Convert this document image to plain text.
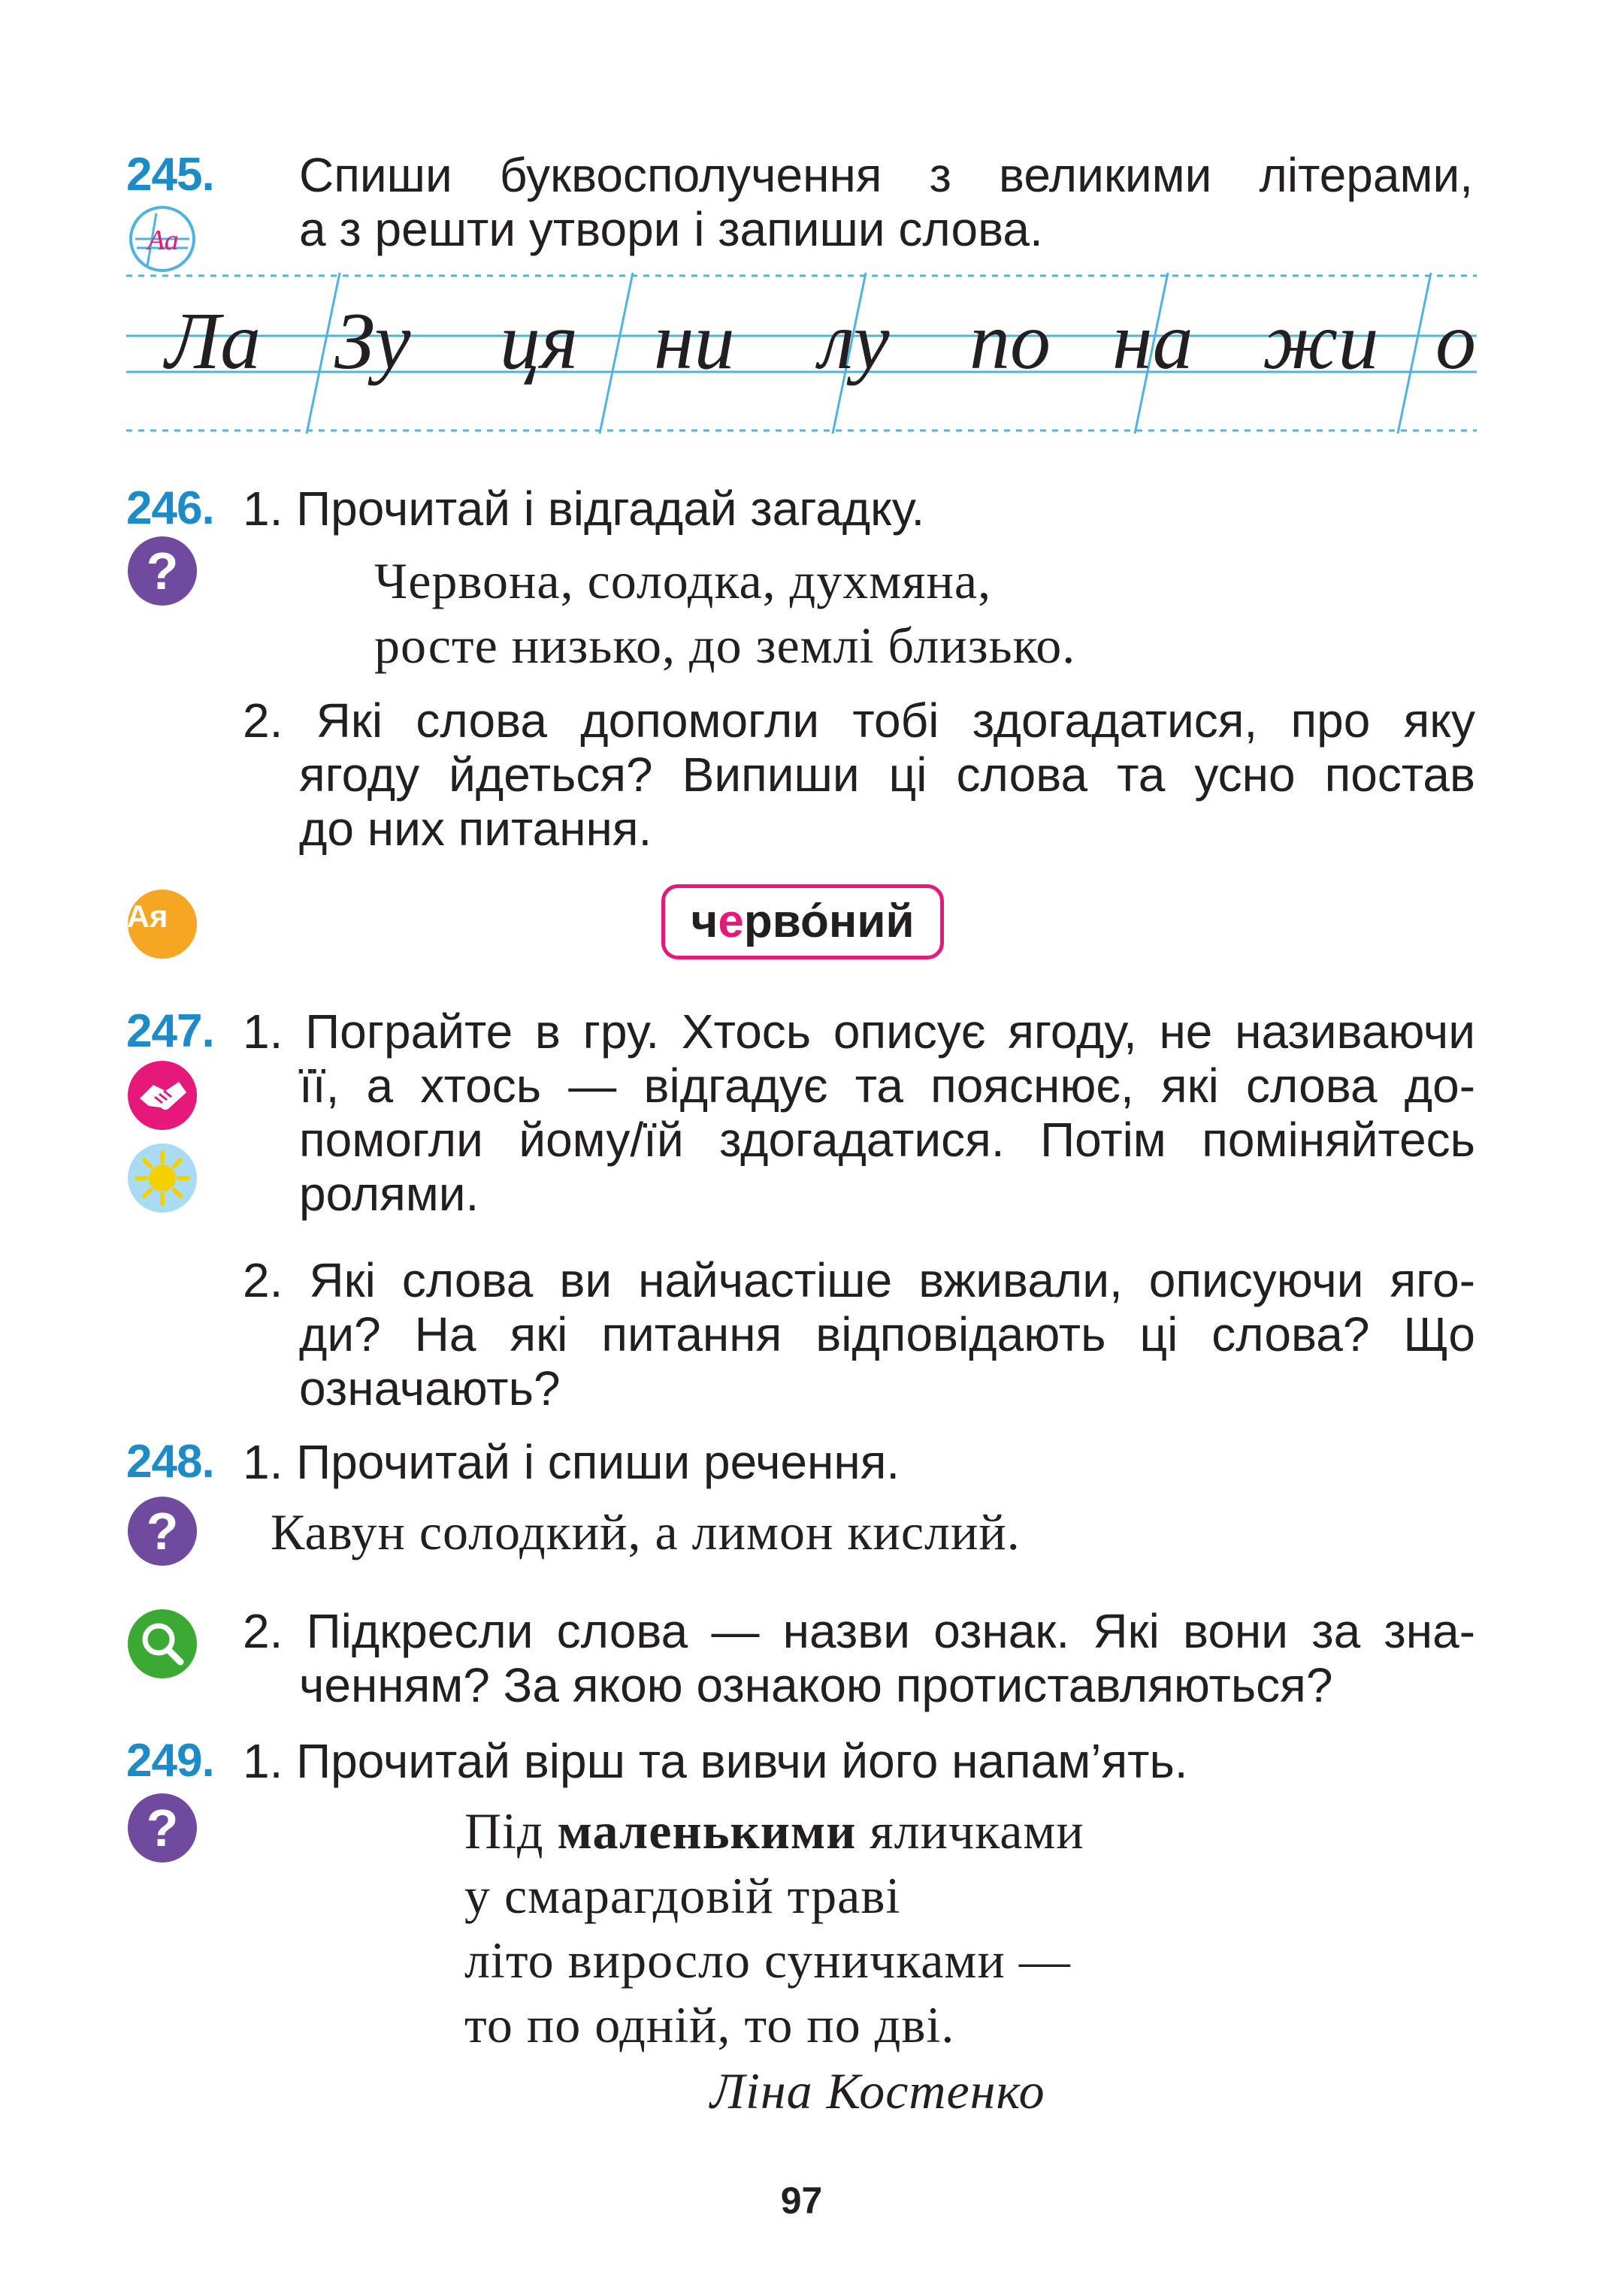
245. Спиши буквосполучення з великими літерами,
а з решти утвори і запиши слова.
Аа
Ла Зу ця ни лу по на жи о
246. 1. Прочитай і відгадай загадку.
?	Червона, солодка, духмяна,
росте низько, до землі близько.
2. Які слова допомогли тобі здогадатися, про яку
ягоду йдеться? Випиши ці слова та усно постав
до них питання.
Ая	черво́ний
247. 1. Пограйте в гру. Хтось описує ягоду, не називаючи
її, а хтось — відгадує та пояснює, які слова до-
помогли йому/їй здогадатися. Потім поміняйтесь
ролями.
2. Які слова ви найчастіше вживали, описуючи яго-
ди? На які питання відповідають ці слова? Що
означають?
248. 1. Прочитай і спиши речення.
? Кавун солодкий, а лимон кислий.
2. Підкресли слова — назви ознак. Які вони за зна-
ченням? За якою ознакою протиставляються?
249. 1. Прочитай вірш та вивчи його напам’ять.
?	Під маленькими яличками
у смарагдовій траві
літо виросло суничками —
то по одній, то по дві.
Ліна Костенко
97
